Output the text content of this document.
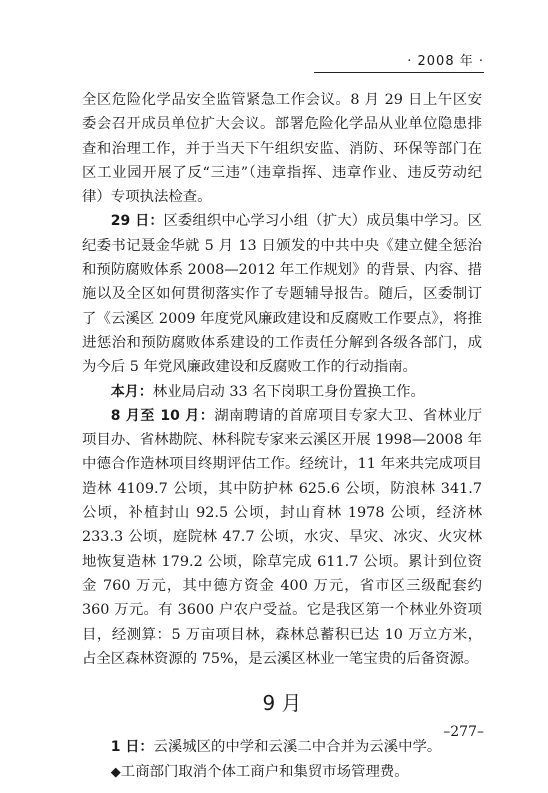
· 2008 年 ·

全区危险化学品安全监管紧急工作会议。8 月 29 日上午区安委会召开成员单位扩大会议。部署危险化学品从业单位隐患排查和治理工作，并于当天下午组织安监、消防、环保等部门在区工业园开展了反“三违”（违章指挥、违章作业、违反劳动纪律）专项执法检查。

29 日：区委组织中心学习小组（扩大）成员集中学习。区纪委书记聂金华就 5 月 13 日颁发的中共中央《建立健全惩治和预防腐败体系 2008—2012 年工作规划》的背景、内容、措施以及全区如何贯彻落实作了专题辅导报告。随后，区委制订了《云溪区 2009 年度党风廉政建设和反腐败工作要点》，将推进惩治和预防腐败体系建设的工作责任分解到各级各部门，成为今后 5 年党风廉政建设和反腐败工作的行动指南。

本月：林业局启动 33 名下岗职工身份置换工作。

8 月至 10 月：湖南聘请的首席项目专家大卫、省林业厅项目办、省林勘院、林科院专家来云溪区开展 1998—2008 年中德合作造林项目终期评估工作。经统计，11 年来共完成项目造林 4109.7 公顷，其中防护林 625.6 公顷，防浪林 341.7 公顷，补植封山 92.5 公顷，封山育林 1978 公顷，经济林 233.3 公顷，庭院林 47.7 公顷，水灾、旱灾、冰灾、火灾林地恢复造林 179.2 公顷，除草完成 611.7 公顷。累计到位资金 760 万元，其中德方资金 400 万元，省市区三级配套约 360 万元。有 3600 户农户受益。它是我区第一个林业外资项目，经测算：5 万亩项目林，森林总蓄积已达 10 万立方米，占全区森林资源的 75%，是云溪区林业一笔宝贵的后备资源。

9 月

1 日：云溪城区的中学和云溪二中合并为云溪中学。

◆工商部门取消个体工商户和集贸市场管理费。

–277–
